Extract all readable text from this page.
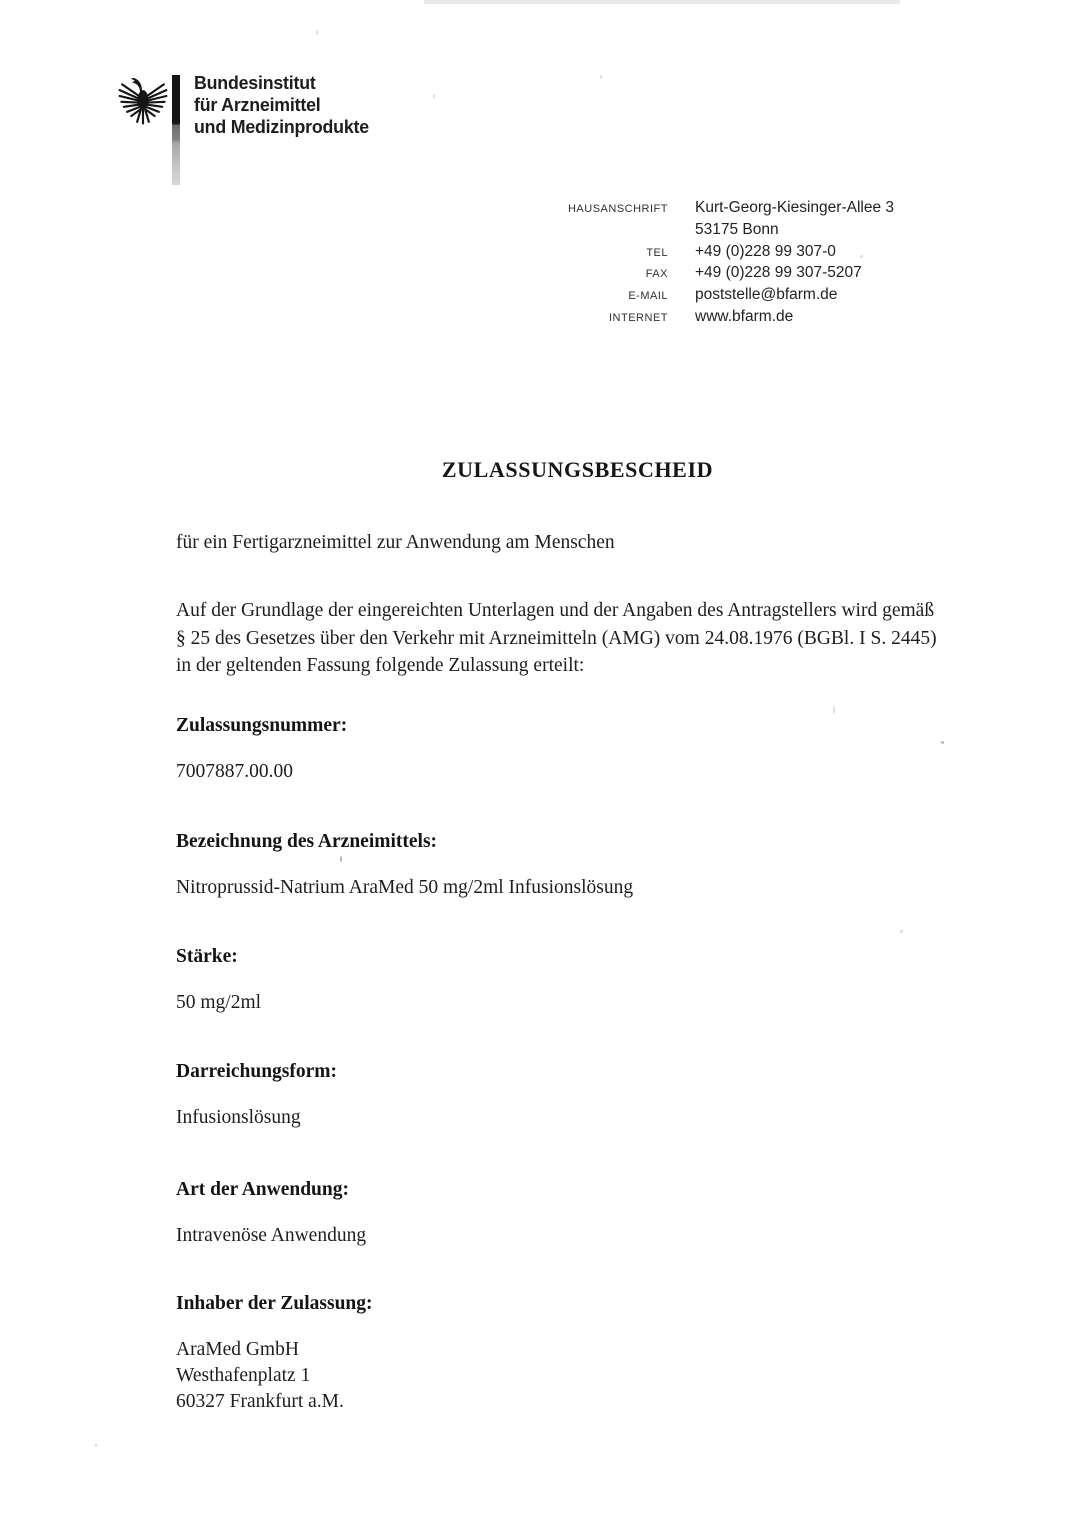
Bundesinstitut
für Arzneimittel
und Medizinprodukte
HAUSANSCHRIFT Kurt-Georg-Kiesinger-Allee 3
53175 Bonn
TEL +49 (0)228 99 307-0
FAX +49 (0)228 99 307-5207
E-MAIL poststelle@bfarm.de
INTERNET www.bfarm.de
ZULASSUNGSBESCHEID
für ein Fertigarzneimittel zur Anwendung am Menschen
Auf der Grundlage der eingereichten Unterlagen und der Angaben des Antragstellers wird gemäß
§ 25 des Gesetzes über den Verkehr mit Arzneimitteln (AMG) vom 24.08.1976 (BGBl. I S. 2445)
in der geltenden Fassung folgende Zulassung erteilt:
Zulassungsnummer:
7007887.00.00
Bezeichnung des Arzneimittels:
Nitroprussid-Natrium AraMed 50 mg/2ml Infusionslösung
Stärke:
50 mg/2ml
Darreichungsform:
Infusionslösung
Art der Anwendung:
Intravenöse Anwendung
Inhaber der Zulassung:
AraMed GmbH
Westhafenplatz 1
60327 Frankfurt a.M.
